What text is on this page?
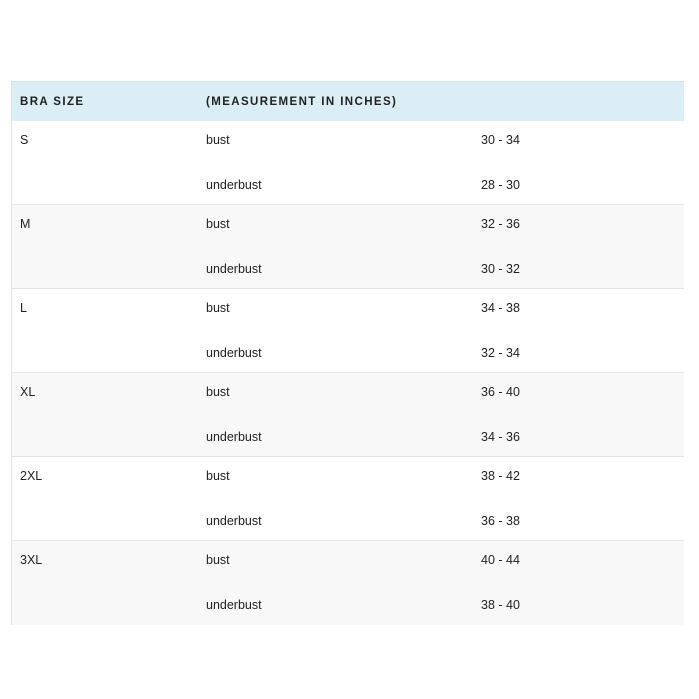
BRA SIZE	(MEASUREMENT IN INCHES)
S	bust	30 - 34
underbust	28 - 30
M	bust	32 - 36
underbust	30 - 32
L	bust	34 - 38
underbust	32 - 34
XL	bust	36 - 40
underbust	34 - 36
2XL	bust	38 - 42
underbust	36 - 38
3XL	bust	40 - 44
underbust	38 - 40
